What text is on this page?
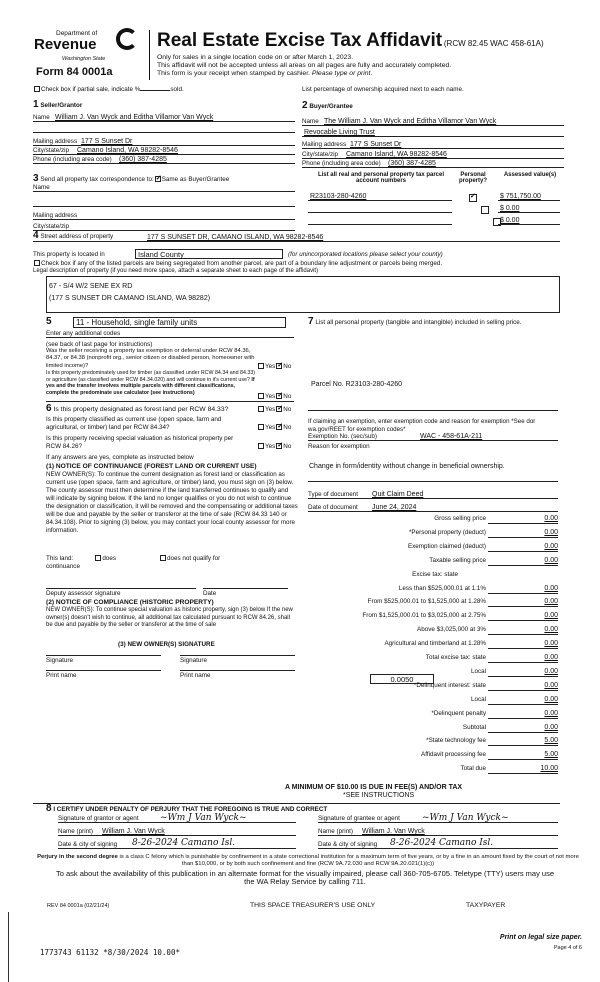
Department of
Revenue
Washington State
Form 84 0001a
Real Estate Excise Tax Affidavit (RCW 82.45 WAC 458-61A)
Only for sales in a single location code on or after March 1, 2023.
This affidavit will not be accepted unless all areas on all pages are fully and accurately completed.
This form is your receipt when stamped by cashier. Please type or print.
Check box if partial sale, indicate %	sold.	List percentage of ownership acquired next to each name.
1 Seller/Grantor
Name William J. Van Wyck and Editha Villamor Van Wyck
Mailing address 177 S Sunset Dr
City/state/zip Camano Island, WA 98282-8546
Phone (including area code) (360) 387-4285
2 Buyer/Grantee
Name The William J. Van Wyck and Editha Villamor Van Wyck
Revocable Living Trust
Mailing address 177 S Sunset Dr
City/state/zip Camano Island, WA 98282-8546
Phone (including area code) (360) 387-4285
3 Send all property tax correspondence to: ✓ Same as Buyer/Grantee
Name
Mailing address
City/state/zip
List all real and personal property tax parcel account numbers
Personal property?
Assessed value(s)
R23103-280-4260 ✓	$ 751,750.00

$ 0.00
$ 0.00
4 Street address of property	177 S SUNSET DR, CAMANO ISLAND, WA 98282-8546
This property is located in	Island County	(for unincorporated locations please select your county)
Check box if any of the listed parcels are being segregated from another parcel, are part of a boundary line adjustment or parcels being merged.
Legal description of property (if you need more space, attach a separate sheet to each page of the affidavit)
67 - S/4 W/2 SENE EX RD
(177 S SUNSET DR CAMANO ISLAND, WA 98282)
5	11 - Household, single family units
Enter any additional codes
(see back of last page for instructions)
Was the seller receiving a property tax exemption or deferral under RCW 84.36, 84.37, or 84.38 (nonprofit org., senior citizen or disabled person, homeowner with limited income)?	Yes ✓ No
Is this property predominately used for timber (as classified under RCW 84.34 and 84.33) or agriculture (as classified under RCW 84.34.020) and will continue in it's current use? If yes and the transfer involves multiple parcels with different classifications, complete the predominate use calculator (see instructions)
Yes ✓ No
6 Is this property designated as forest land per RCW 84.33?	Yes ✓ No
Is this property classified as current use (open space, farm and agricultural, or timber) land per RCW 84.34?	Yes ✓ No
Is this property receiving special valuation as historical property per RCW 84.26?	Yes ✓ No
If any answers are yes, complete as instructed below
(1) NOTICE OF CONTINUANCE (FOREST LAND OR CURRENT USE)
NEW OWNER(S): To continue the current designation as forest land or classification as current use (open space, farm and agriculture, or timber) land, you must sign on (3) below. The county assessor must then determine if the land transferred continues to qualify and will indicate by signing below. If the land no longer qualifies or you do not wish to continue the designation or classification, it will be removed and the compensating or additional taxes will be due and payable by the seller or transferor at the time of sale (RCW 84.33 140 or 84.34.108). Prior to signing (3) below, you may contact your local county assessor for more information.
This land:	does	does not qualify for
continuance
Deputy assessor signature	Date
(2) NOTICE OF COMPLIANCE (HISTORIC PROPERTY)
NEW OWNER(S): To continue special valuation as historic property, sign (3) below If the new owner(s) doesn't wish to continue, all additional tax calculated pursuant to RCW 84.26, shall be due and payable by the seller or transferor at the time of sale
(3) NEW OWNER(S) SIGNATURE
Signature	Signature
Print name	Print name
7 List all personal property (tangible and intangible) included in selling price.
Parcel No. R23103-280-4260
If claiming an exemption, enter exemption code and reason for exemption *See dor wa.gov/REET for exemption codes*
Exemption No. (sec/sub)	WAC - 458-61A-211
Reason for exemption
Change in form/identity without change in beneficial ownership.
Type of document Quit Claim Deed
Date of document June 24, 2024
Gross selling price	0.00
*Personal property (deduct)	0.00
Exemption claimed (deduct)	0.00
Taxable selling price	0.00
Excise tax: state
Less than $525,000.01 at 1.1%	0.00
From $525,000.01 to $1,525,000 at 1.28%	0.00
From $1,525,000.01 to $3,025,000 at 2.75%	0.00
Above $3,025,000 at 3%	0.00
Agricultural and timberland at 1.28%	0.00
Total excise tax: state	0.00
Local	0.00
*Delinquent interest: state	0.00
Local	0.00
*Delinquent penalty	0.00
Subtotal	0.00
*State technology fee	5.00
Affidavit processing fee	5.00
Total due	10.00
0.0050
A MINIMUM OF $10.00 IS DUE IN FEE(S) AND/OR TAX
*SEE INSTRUCTIONS
8 I CERTIFY UNDER PENALTY OF PERJURY THAT THE FOREGOING IS TRUE AND CORRECT
Signature of grantor or agent ~Wm J Van Wyck~
Name (print) William J. Van Wyck
Date & city of signing 8-26-2024 Camano Isl.
Signature of grantee or agent ~Wm J Van Wyck~
Name (print) William J. Van Wyck
Date & city of signing 8-26-2024 Camano Isl.
Perjury in the second degree is a class C felony which is punishable by confinement in a state correctional institution for a maximum term of five years, or by a fine in an amount fixed by the court of not more than $10,000, or by both such confinement and fine (RCW 9A.72.030 and RCW 9A.20.021(1)(c))
To ask about the availability of this publication in an alternate format for the visually impaired, please call 360-705-6705. Teletype (TTY) users may use the WA Relay Service by calling 711.
REV 84 0001a (02/21/24)	THIS SPACE TREASURER'S USE ONLY	TAXYPAYER
Print on legal size paper.
Page 4 of 6
1773743 61132 *8/30/2024 10.00*
